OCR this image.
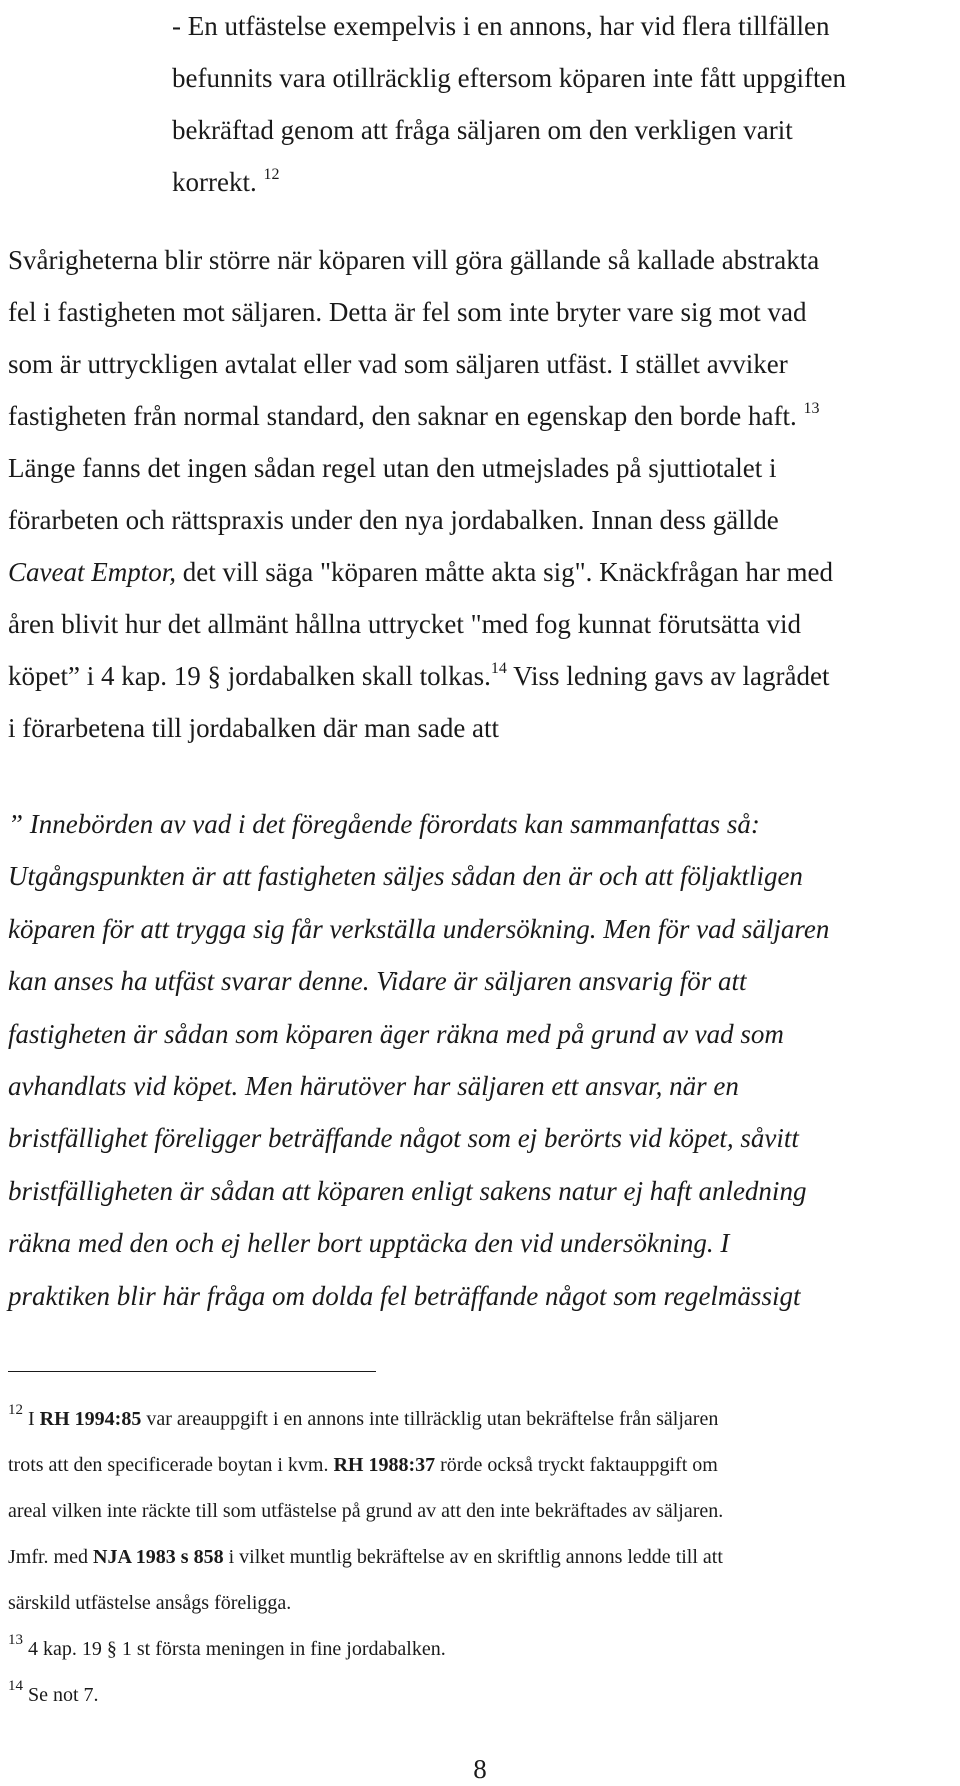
- En utfästelse exempelvis i en annons, har vid flera tillfällen
befunnits vara otillräcklig eftersom köparen inte fått uppgiften
bekräftad genom att fråga säljaren om den verkligen varit
korrekt. $^{12}$
Svårigheterna blir större när köparen vill göra gällande så kallade abstrakta
fel i fastigheten mot säljaren. Detta är fel som inte bryter vare sig mot vad
som är uttryckligen avtalat eller vad som säljaren utfäst. I stället avviker
fastigheten från normal standard, den saknar en egenskap den borde haft. $^{13}$
Länge fanns det ingen sådan regel utan den utmejslades på sjuttiotalet i
förarbeten och rättspraxis under den nya jordabalken. Innan dess gällde
Caveat Emptor, det vill säga "köparen måtte akta sig". Knäckfrågan har med
åren blivit hur det allmänt hållna uttrycket "med fog kunnat förutsätta vid
köpet” i 4 kap. 19 § jordabalken skall tolkas.$^{14}$ Viss ledning gavs av lagrådet
i förarbetena till jordabalken där man sade att
” Innebörden av vad i det föregående förordats kan sammanfattas så:
Utgångspunkten är att fastigheten säljes sådan den är och att följaktligen
köparen för att trygga sig får verkställa undersökning. Men för vad säljaren
kan anses ha utfäst svarar denne. Vidare är säljaren ansvarig för att
fastigheten är sådan som köparen äger räkna med på grund av vad som
avhandlats vid köpet. Men härutöver har säljaren ett ansvar, när en
bristfällighet föreligger beträffande något som ej berörts vid köpet, såvitt
bristfälligheten är sådan att köparen enligt sakens natur ej haft anledning
räkna med den och ej heller bort upptäcka den vid undersökning. I
praktiken blir här fråga om dolda fel beträffande något som regelmässigt
$^{12}$ I RH 1994:85 var areauppgift i en annons inte tillräcklig utan bekräftelse från säljaren
trots att den specificerade boytan i kvm. RH 1988:37 rörde också tryckt faktauppgift om
areal vilken inte räckte till som utfästelse på grund av att den inte bekräftades av säljaren.
Jmfr. med NJA 1983 s 858 i vilket muntlig bekräftelse av en skriftlig annons ledde till att
särskild utfästelse ansågs föreligga.
$^{13}$ 4 kap. 19 § 1 st första meningen in fine jordabalken.
$^{14}$ Se not 7.
8
